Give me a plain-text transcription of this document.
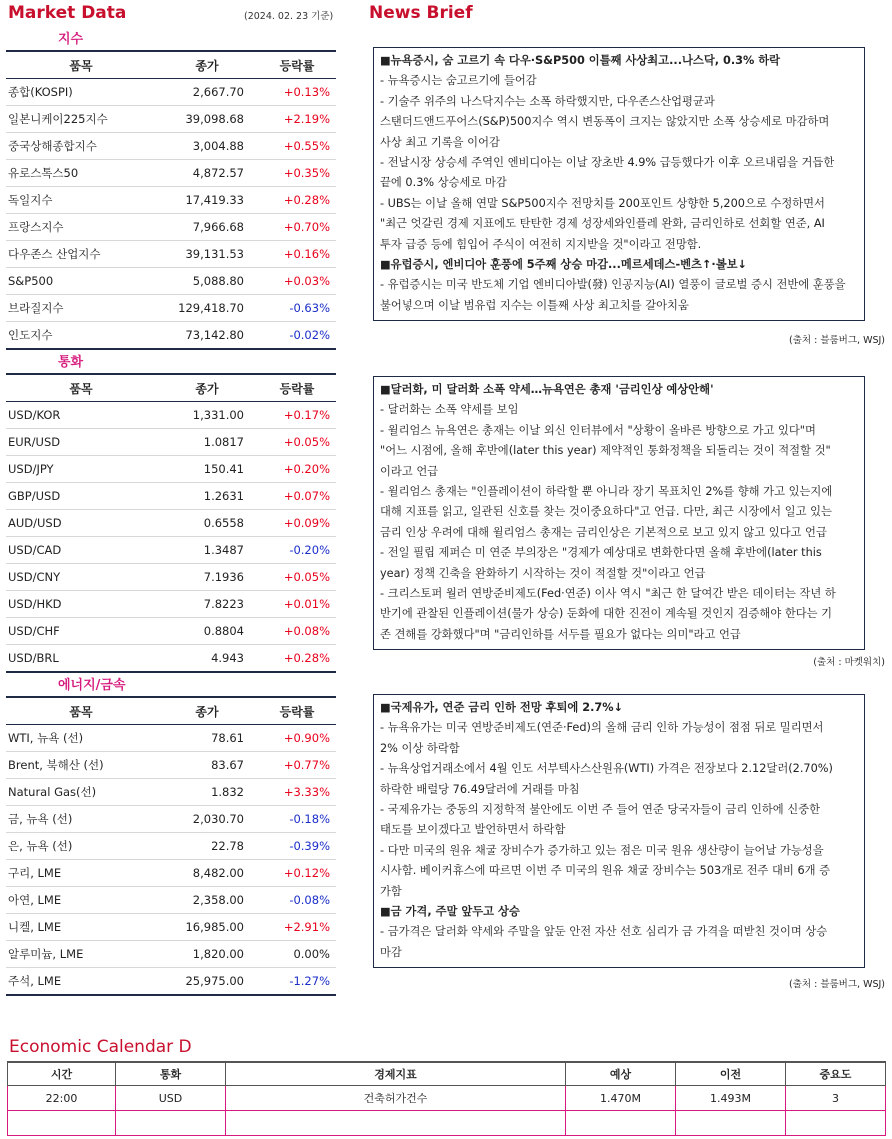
Market Data	(2024. 02. 23 기준) News Brief
지수
품목	종가	등락률
종합(KOSPI)	2,667.70	+0.13%
일본니케이225지수	39,098.68	+2.19%
중국상해종합지수	3,004.88	+0.55%
유로스톡스50	4,872.57	+0.35%
독일지수	17,419.33	+0.28%
프랑스지수	7,966.68	+0.70%
다우존스 산업지수	39,131.53	+0.16%
S&P500	5,088.80	+0.03%
브라질지수	129,418.70	-0.63%
인도지수	73,142.80	-0.02%
통화
품목	종가	등락률
USD/KOR	1,331.00	+0.17%
EUR/USD	1.0817	+0.05%
USD/JPY	150.41	+0.20%
GBP/USD	1.2631	+0.07%
AUD/USD	0.6558	+0.09%
USD/CAD	1.3487	-0.20%
USD/CNY	7.1936	+0.05%
USD/HKD	7.8223	+0.01%
USD/CHF	0.8804	+0.08%
USD/BRL	4.943	+0.28%
에너지/금속
품목	종가	등락률
WTI, 뉴욕 (선)	78.61	+0.90%
Brent, 북해산 (선)	83.67	+0.77%
Natural Gas(선)	1.832	+3.33%
금, 뉴욕 (선)	2,030.70	-0.18%
은, 뉴욕 (선)	22.78	-0.39%
구리, LME	8,482.00	+0.12%
아연, LME	2,358.00	-0.08%
니켈, LME	16,985.00	+2.91%
알루미늄, LME	1,820.00	0.00%
주석, LME	25,975.00	-1.27%
■뉴욕증시, 숨 고르기 속 다우·S&P500 이틀째 사상최고...나스닥, 0.3% 하락
- 뉴욕증시는 숨고르기에 들어감
- 기술주 위주의 나스닥지수는 소폭 하락했지만, 다우존스산업평균과
스탠더드앤드푸어스(S&P)500지수 역시 변동폭이 크지는 않았지만 소폭 상승세로 마감하며
사상 최고 기록을 이어감
- 전날시장 상승세 주역인 엔비디아는 이날 장초반 4.9% 급등했다가 이후 오르내림을 거듭한
끝에 0.3% 상승세로 마감
- UBS는 이날 올해 연말 S&P500지수 전망치를 200포인트 상향한 5,200으로 수정하면서
"최근 엇갈린 경제 지표에도 탄탄한 경제 성장세와인플레 완화, 금리인하로 선회할 연준, AI
투자 급증 등에 힘입어 주식이 여전히 지지받을 것"이라고 전망함.
■유럽증시, 엔비디아 훈풍에 5주째 상승 마감...메르세데스-벤츠↑·볼보↓
- 유럽증시는 미국 반도체 기업 엔비디아발(發) 인공지능(AI) 열풍이 글로벌 증시 전반에 훈풍을
불어넣으며 이날 범유럽 지수는 이틀째 사상 최고치를 갈아치움
(출처 : 블룸버그, WSJ)
■달러화, 미 달러화 소폭 약세…뉴욕연은 총재 '금리인상 예상안해'
- 달러화는 소폭 약세를 보임
- 윌리엄스 뉴욕연은 총재는 이날 외신 인터뷰에서 "상황이 올바른 방향으로 가고 있다"며
"어느 시점에, 올해 후반에(later this year) 제약적인 통화정책을 되돌리는 것이 적절할 것"
이라고 언급
- 윌리엄스 총재는 "인플레이션이 하락할 뿐 아니라 장기 목표치인 2%를 향해 가고 있는지에
대해 지표를 읽고, 일관된 신호를 찾는 것이중요하다"고 언급. 다만, 최근 시장에서 일고 있는
금리 인상 우려에 대해 윌리엄스 총재는 금리인상은 기본적으로 보고 있지 않고 있다고 언급
- 전일 필립 제퍼슨 미 연준 부의장은 "경제가 예상대로 변화한다면 올해 후반에(later this
year) 정책 긴축을 완화하기 시작하는 것이 적절할 것"이라고 언급
- 크리스토퍼 월러 연방준비제도(Fed·연준) 이사 역시 "최근 한 달여간 받은 데이터는 작년 하
반기에 관찰된 인플레이션(물가 상승) 둔화에 대한 진전이 계속될 것인지 검증해야 한다는 기
존 견해를 강화했다"며 "금리인하를 서두를 필요가 없다는 의미"라고 언급
(출처 : 마켓워치)
■국제유가, 연준 금리 인하 전망 후퇴에 2.7%↓
- 뉴욕유가는 미국 연방준비제도(연준·Fed)의 올해 금리 인하 가능성이 점점 뒤로 밀리면서
2% 이상 하락함
- 뉴욕상업거래소에서 4월 인도 서부텍사스산원유(WTI) 가격은 전장보다 2.12달러(2.70%)
하락한 배럴당 76.49달러에 거래를 마침
- 국제유가는 중동의 지정학적 불안에도 이번 주 들어 연준 당국자들이 금리 인하에 신중한
태도를 보이겠다고 발언하면서 하락함
- 다만 미국의 원유 채굴 장비수가 증가하고 있는 점은 미국 원유 생산량이 늘어날 가능성을
시사함. 베이커휴스에 따르면 이번 주 미국의 원유 채굴 장비수는 503개로 전주 대비 6개 증
가함
■금 가격, 주말 앞두고 상승
- 금가격은 달러화 약세와 주말을 앞둔 안전 자산 선호 심리가 금 가격을 떠받친 것이며 상승
마감
(출처 : 블룸버그, WSJ)
Economic Calendar D
시간	통화	경제지표	예상	이전	중요도
22:00	USD	건축허가건수	1.470M	1.493M	3
